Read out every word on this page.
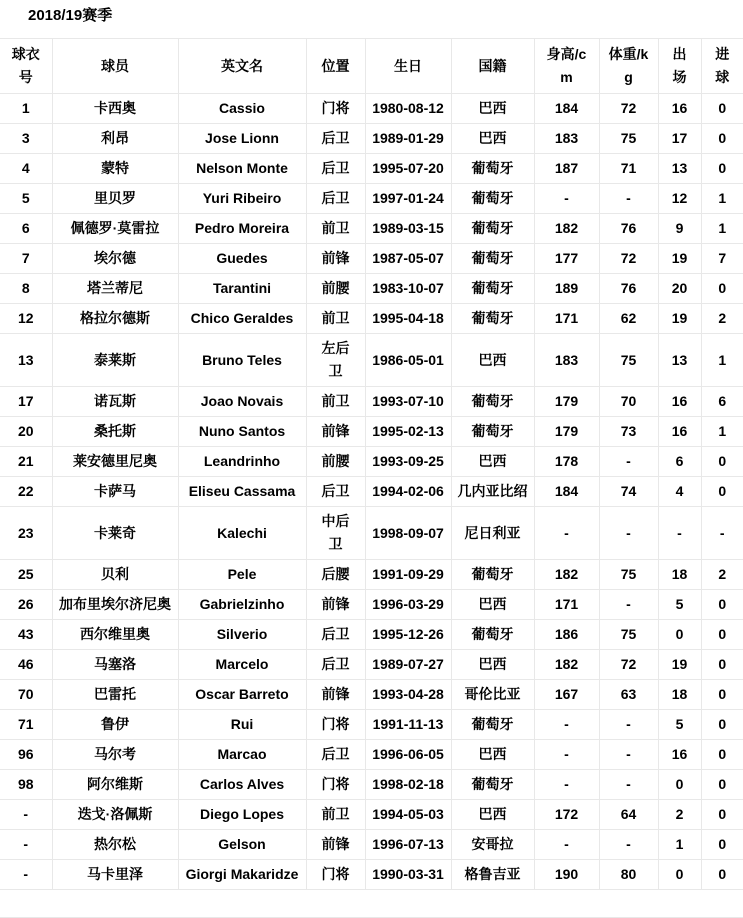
2018/19赛季
球衣号	球员	英文名	位置	生日	国籍	身高/cm	体重/kg	出场	进球
1	卡西奥	Cassio	门将	1980-08-12	巴西	184	72	16	0
3	利昂	Jose Lionn	后卫	1989-01-29	巴西	183	75	17	0
4	蒙特	Nelson Monte	后卫	1995-07-20	葡萄牙	187	71	13	0
5	里贝罗	Yuri Ribeiro	后卫	1997-01-24	葡萄牙	-	-	12	1
6	佩德罗·莫雷拉	Pedro Moreira	前卫	1989-03-15	葡萄牙	182	76	9	1
7	埃尔德	Guedes	前锋	1987-05-07	葡萄牙	177	72	19	7
8	塔兰蒂尼	Tarantini	前腰	1983-10-07	葡萄牙	189	76	20	0
12	格拉尔德斯	Chico Geraldes	前卫	1995-04-18	葡萄牙	171	62	19	2
13	泰莱斯	Bruno Teles	左后卫	1986-05-01	巴西	183	75	13	1
17	诺瓦斯	Joao Novais	前卫	1993-07-10	葡萄牙	179	70	16	6
20	桑托斯	Nuno Santos	前锋	1995-02-13	葡萄牙	179	73	16	1
21	莱安德里尼奥	Leandrinho	前腰	1993-09-25	巴西	178	-	6	0
22	卡萨马	Eliseu Cassama	后卫	1994-02-06	几内亚比绍	184	74	4	0
23	卡莱奇	Kalechi	中后卫	1998-09-07	尼日利亚	-	-	-	-
25	贝利	Pele	后腰	1991-09-29	葡萄牙	182	75	18	2
26	加布里埃尔济尼奥	Gabrielzinho	前锋	1996-03-29	巴西	171	-	5	0
43	西尔维里奥	Silverio	后卫	1995-12-26	葡萄牙	186	75	0	0
46	马塞洛	Marcelo	后卫	1989-07-27	巴西	182	72	19	0
70	巴雷托	Oscar Barreto	前锋	1993-04-28	哥伦比亚	167	63	18	0
71	鲁伊	Rui	门将	1991-11-13	葡萄牙	-	-	5	0
96	马尔考	Marcao	后卫	1996-06-05	巴西	-	-	16	0
98	阿尔维斯	Carlos Alves	门将	1998-02-18	葡萄牙	-	-	0	0
-	迭戈·洛佩斯	Diego Lopes	前卫	1994-05-03	巴西	172	64	2	0
-	热尔松	Gelson	前锋	1996-07-13	安哥拉	-	-	1	0
-	马卡里泽	Giorgi Makaridze	门将	1990-03-31	格鲁吉亚	190	80	0	0
